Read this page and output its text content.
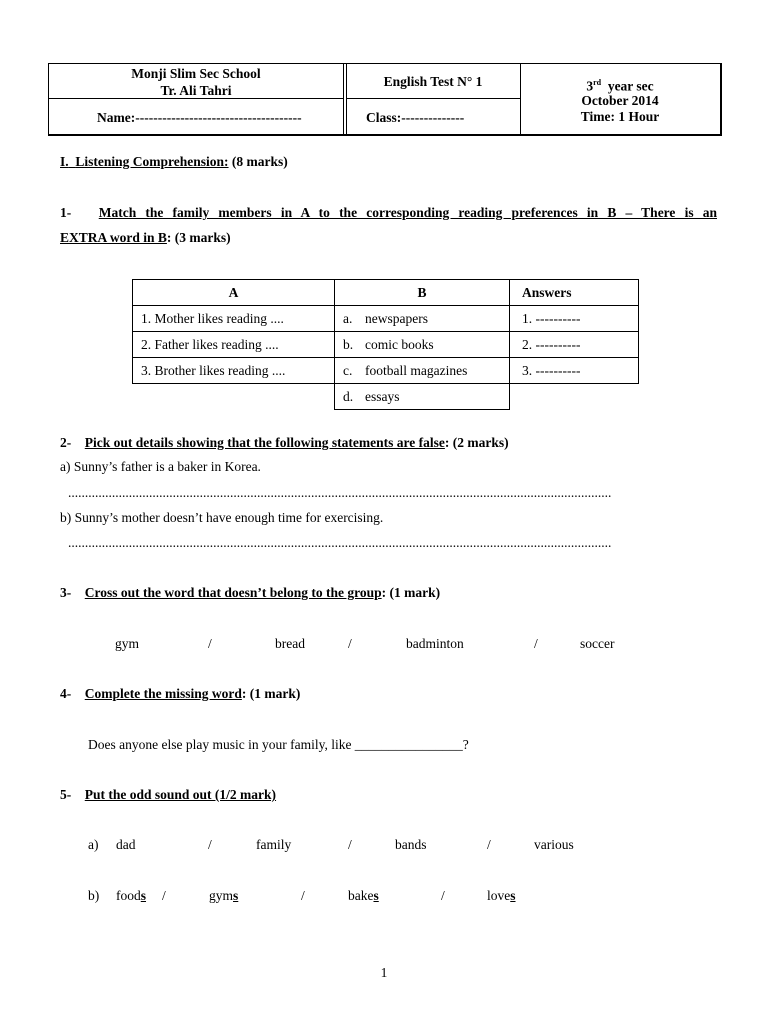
Monji Slim Sec School
Tr. Ali Tahri
Name:-------------------------------------
English Test N° 1
Class:--------------
3rd  year sec
October 2014
Time: 1 Hour
I. Listening Comprehension: (8 marks)
1- Match the family members in A to the corresponding reading preferences in B – There is an
EXTRA word in B: (3 marks)
A	B	Answers
1. Mother likes reading ....	a. newspapers	1. ----------
2. Father likes reading ....	b. comic books	2. ----------
3. Brother likes reading ....	c. football magazines	3. ----------
	d. essays	
2- Pick out details showing that the following statements are false: (2 marks)
a) Sunny’s father is a baker in Korea.
.................................................................................................................................................................
b) Sunny’s mother doesn’t have enough time for exercising.
.................................................................................................................................................................
3- Cross out the word that doesn’t belong to the group: (1 mark)
gym	/	bread	/	badminton	/	soccer
4- Complete the missing word: (1 mark)
Does anyone else play music in your family, like ________________?
5- Put the odd sound out (1/2 mark)
a) dad	/	family	/	bands	/	various
b) foods /	gyms	/	bakes	/	loves
1
